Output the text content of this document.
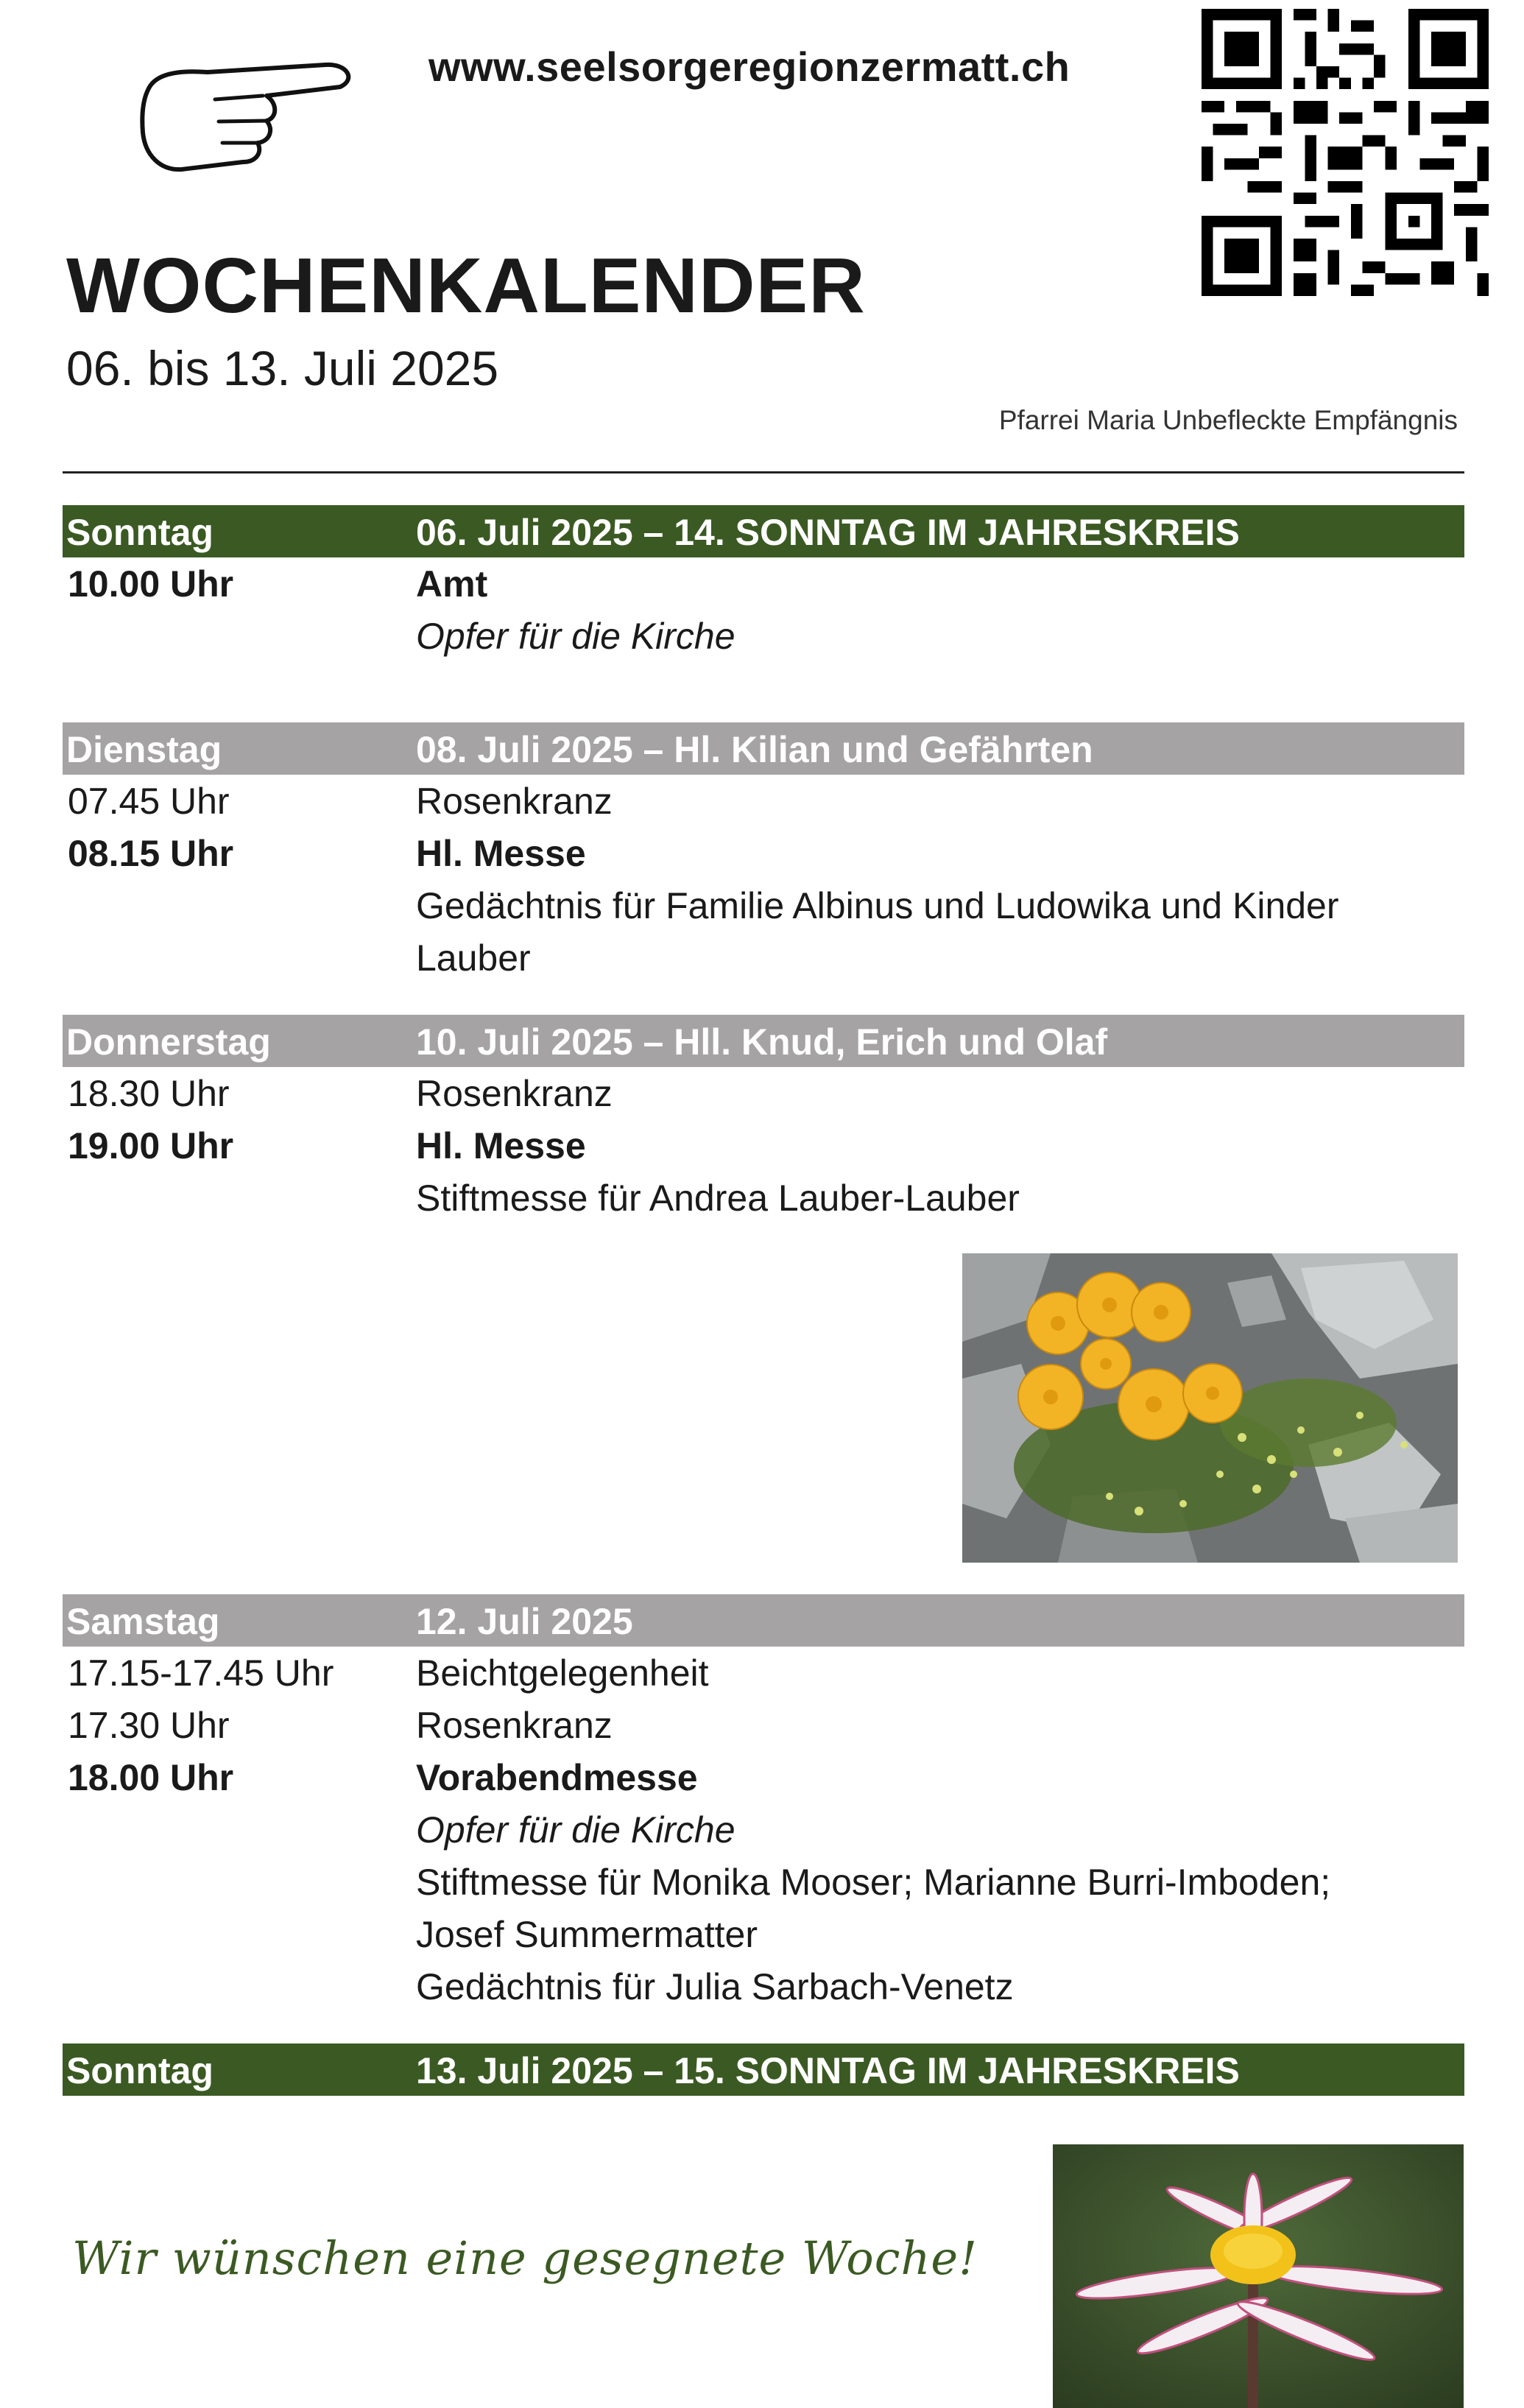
www.seelsorgeregionzermatt.ch
WOCHENKALENDER
06. bis 13. Juli 2025
Pfarrei Maria Unbefleckte Empfängnis
Sonntag	06. Juli 2025 – 14. SONNTAG IM JAHRESKREIS
10.00 Uhr	Amt
Opfer für die Kirche
Dienstag	08. Juli 2025 – Hl. Kilian und Gefährten
07.45 Uhr	Rosenkranz
08.15 Uhr	Hl. Messe
Gedächtnis für Familie Albinus und Ludowika und Kinder
Lauber
Donnerstag	10. Juli 2025 – Hll. Knud, Erich und Olaf
18.30 Uhr	Rosenkranz
19.00 Uhr	Hl. Messe
Stiftmesse für Andrea Lauber-Lauber
Samstag	12. Juli 2025
17.15-17.45 Uhr Beichtgelegenheit
17.30 Uhr	Rosenkranz
18.00 Uhr	Vorabendmesse
Opfer für die Kirche
Stiftmesse für Monika Mooser; Marianne Burri-Imboden;
Josef Summermatter
Gedächtnis für Julia Sarbach-Venetz
Sonntag	13. Juli 2025 – 15. SONNTAG IM JAHRESKREIS
Wir wünschen eine gesegnete Woche!
